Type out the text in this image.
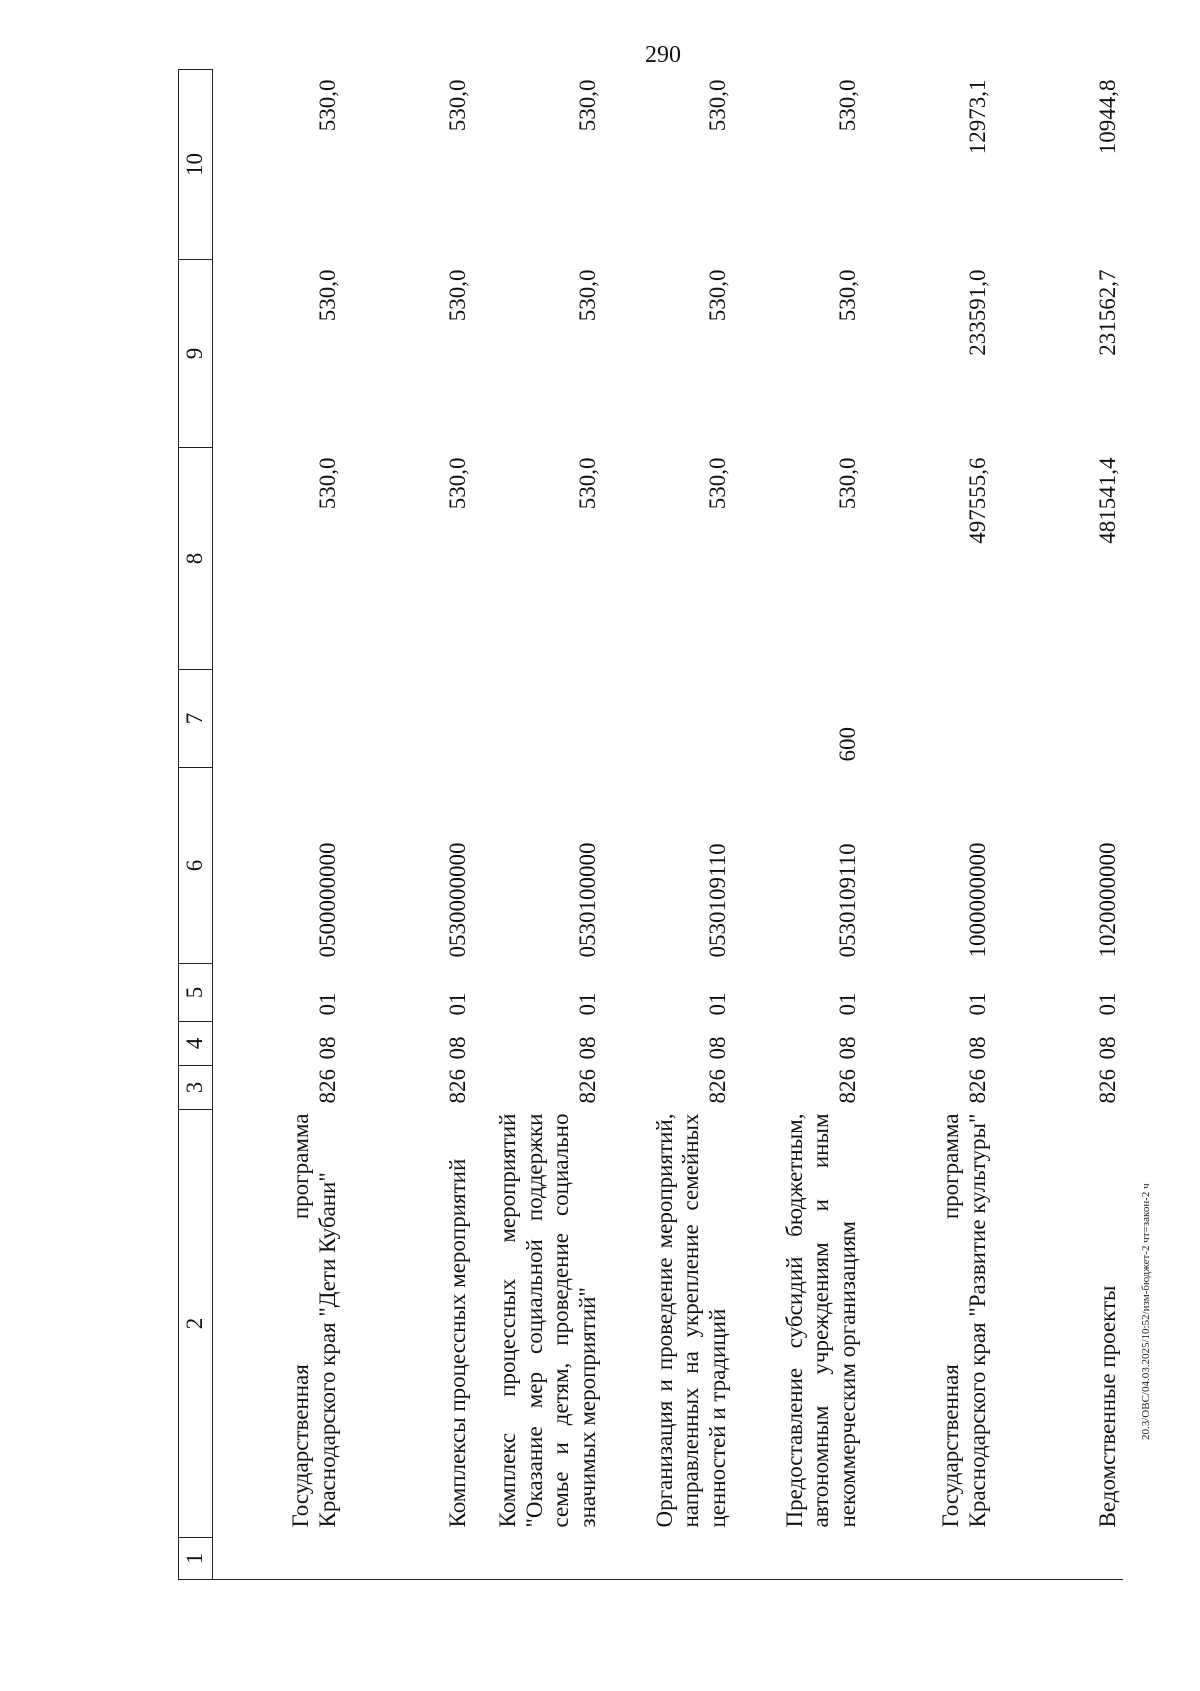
290
1	2	3	4	5	6	7	8	9	10
	Государственная программа Краснодарского края "Дети Кубани"	826	08	01	0500000000		530,0	530,0	530,0
	Комплексы процессных мероприятий	826	08	01	0530000000		530,0	530,0	530,0
	Комплекс процессных мероприятий "Оказание мер социальной поддержки семье и детям, проведение социально значимых мероприятий"	826	08	01	0530100000		530,0	530,0	530,0
	Организация и проведение мероприятий, направленных на укрепление семейных ценностей и традиций	826	08	01	0530109110		530,0	530,0	530,0
	Предоставление субсидий бюджетным, автономным учреждениям и иным некоммерческим организациям	826	08	01	0530109110	600	530,0	530,0	530,0
	Государственная программа Краснодарского края "Развитие культуры"	826	08	01	1000000000		497555,6	233591,0	12973,1
	Ведомственные проекты	826	08	01	1020000000		481541,4	231562,7	10944,8
20.3/ОВС/04.03.2025/10:52/изм-бюджет-2 чт=закон-2 ч
